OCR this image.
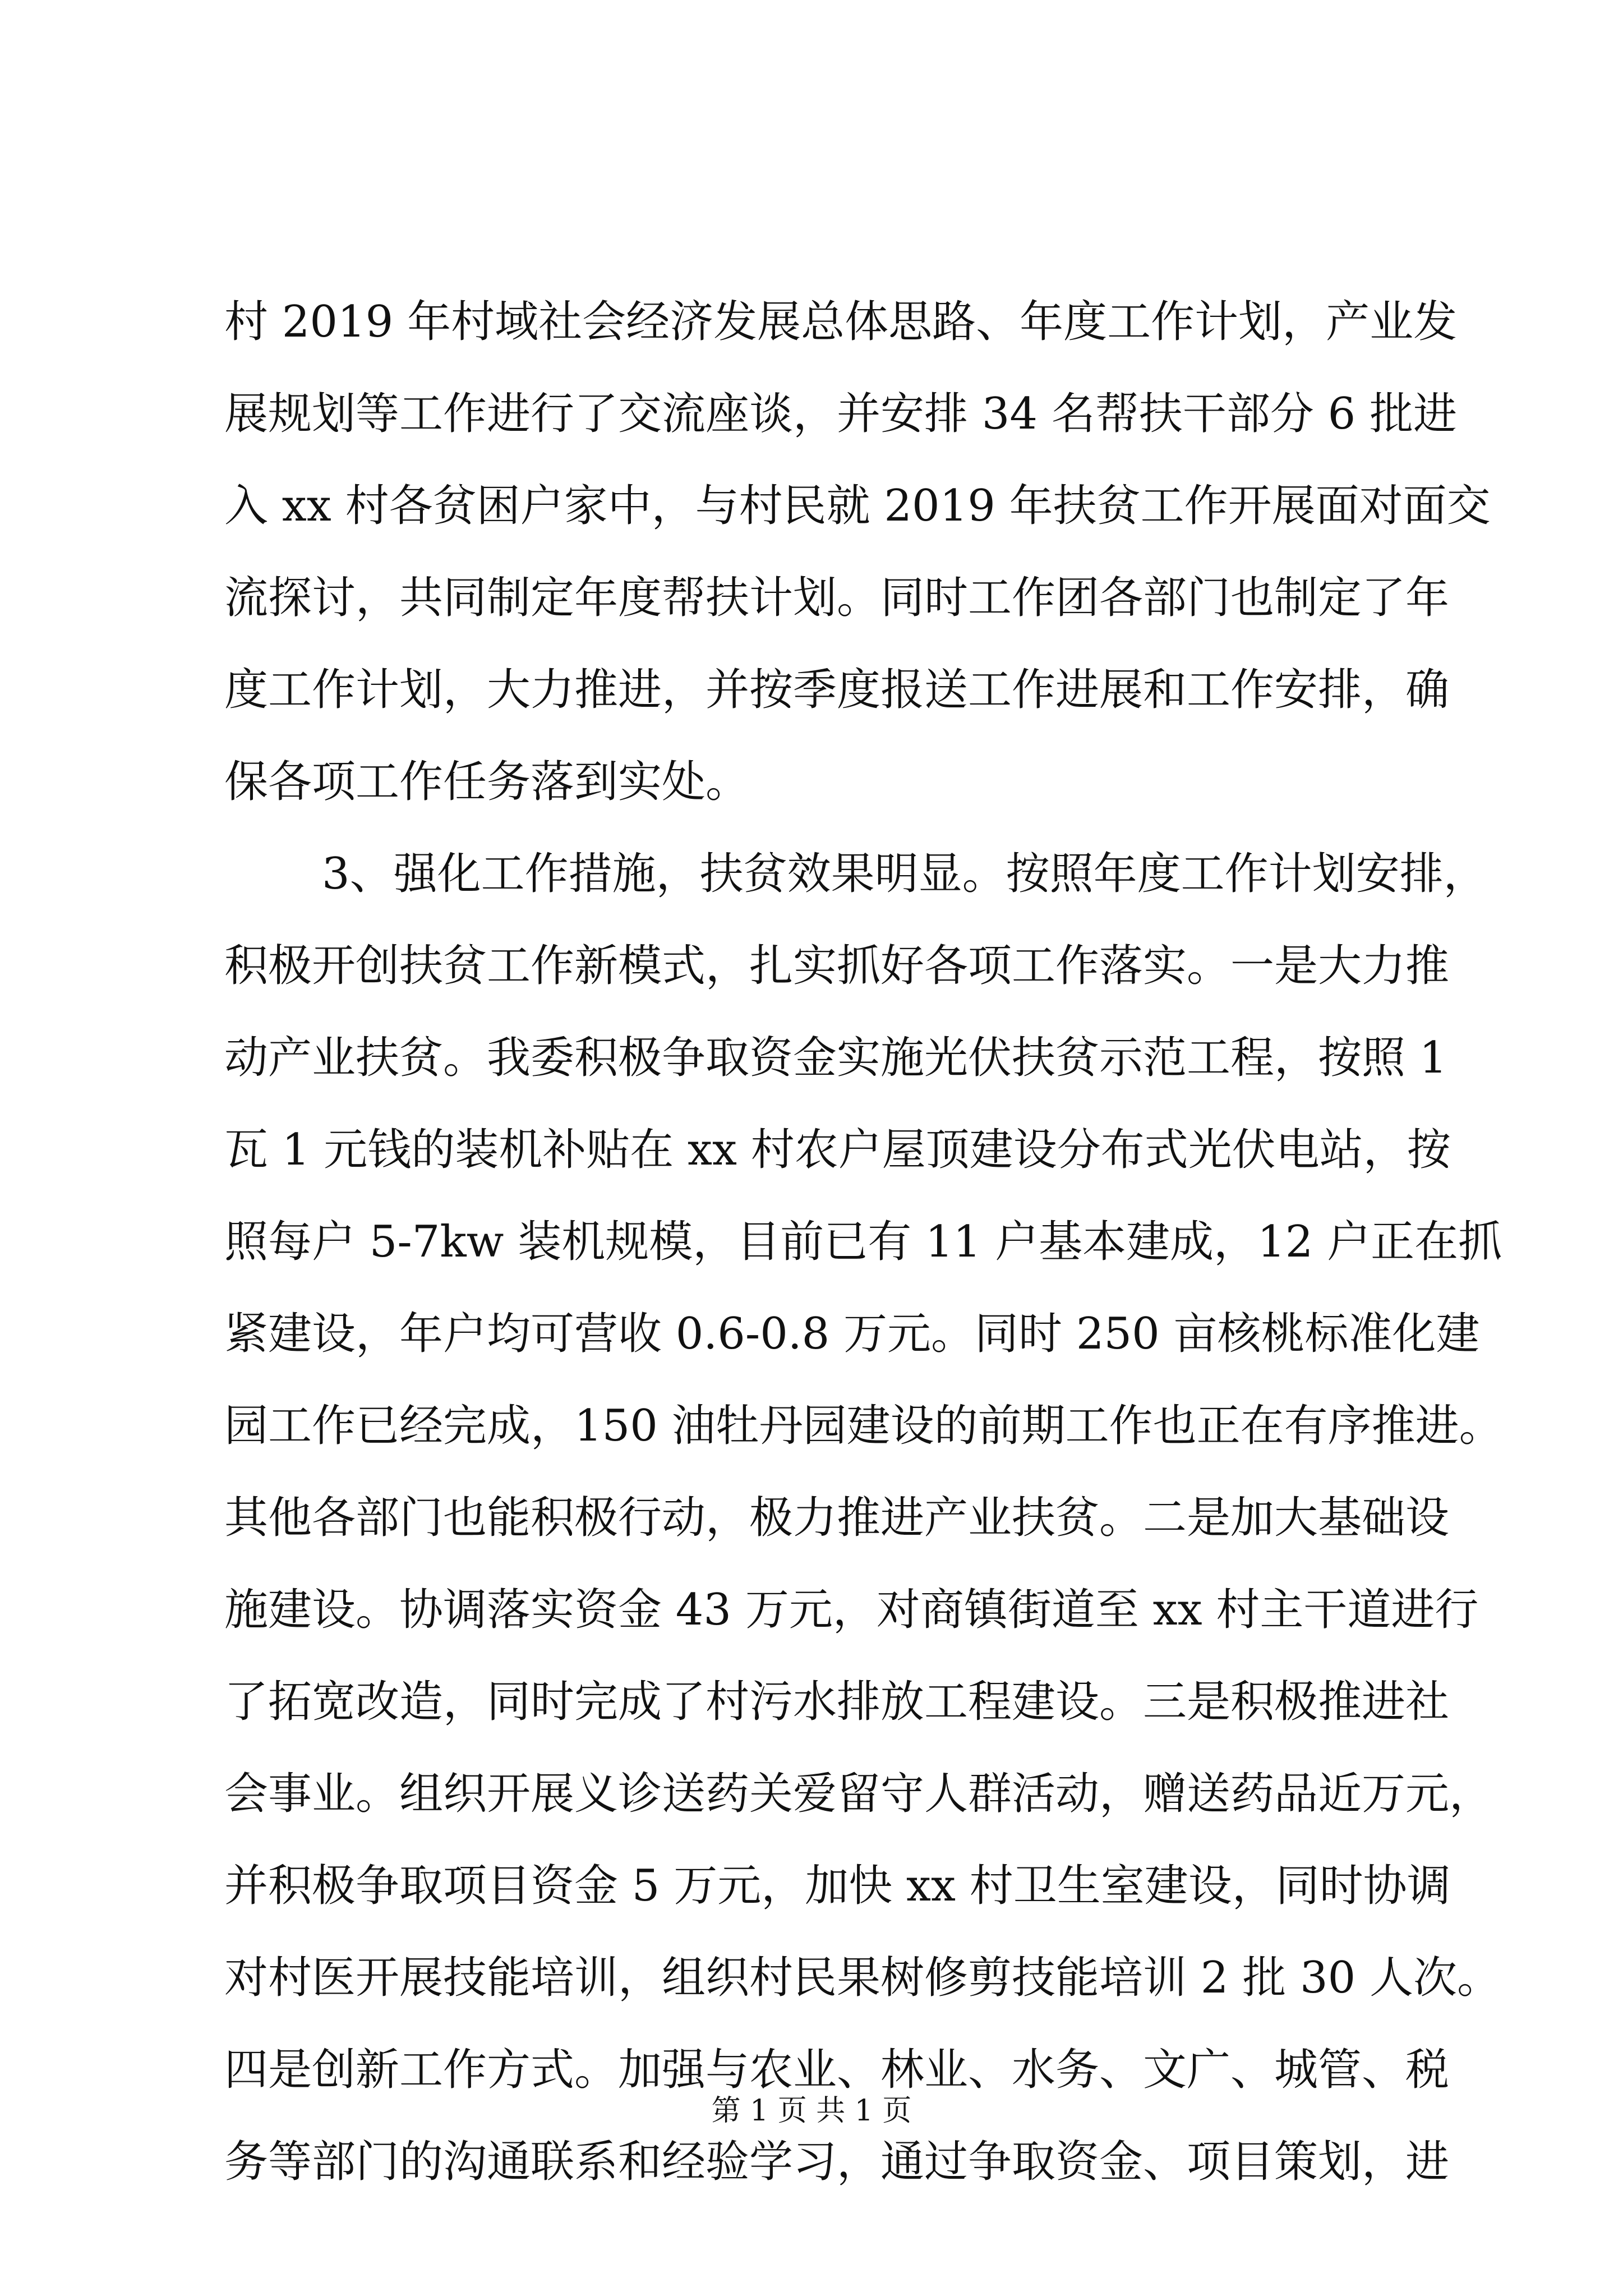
村 2019 年村域社会经济发展总体思路、年度工作计划，产业发
展规划等工作进行了交流座谈，并安排 34 名帮扶干部分 6 批进
入 xx 村各贫困户家中，与村民就 2019 年扶贫工作开展面对面交
流探讨，共同制定年度帮扶计划。同时工作团各部门也制定了年
度工作计划，大力推进，并按季度报送工作进展和工作安排，确
保各项工作任务落到实处。
3、强化工作措施，扶贫效果明显。按照年度工作计划安排，
积极开创扶贫工作新模式，扎实抓好各项工作落实。一是大力推
动产业扶贫。我委积极争取资金实施光伏扶贫示范工程，按照 1
瓦 1 元钱的装机补贴在 xx 村农户屋顶建设分布式光伏电站，按
照每户 5-7kw 装机规模，目前已有 11 户基本建成，12 户正在抓
紧建设，年户均可营收 0.6-0.8 万元。同时 250 亩核桃标准化建
园工作已经完成，150 油牡丹园建设的前期工作也正在有序推进。
其他各部门也能积极行动，极力推进产业扶贫。二是加大基础设
施建设。协调落实资金 43 万元，对商镇街道至 xx 村主干道进行
了拓宽改造，同时完成了村污水排放工程建设。三是积极推进社
会事业。组织开展义诊送药关爱留守人群活动，赠送药品近万元，
并积极争取项目资金 5 万元，加快 xx 村卫生室建设，同时协调
对村医开展技能培训，组织村民果树修剪技能培训 2 批 30 人次。
四是创新工作方式。加强与农业、林业、水务、文广、城管、税
务等部门的沟通联系和经验学习，通过争取资金、项目策划，进
第 1 页 共 1 页
